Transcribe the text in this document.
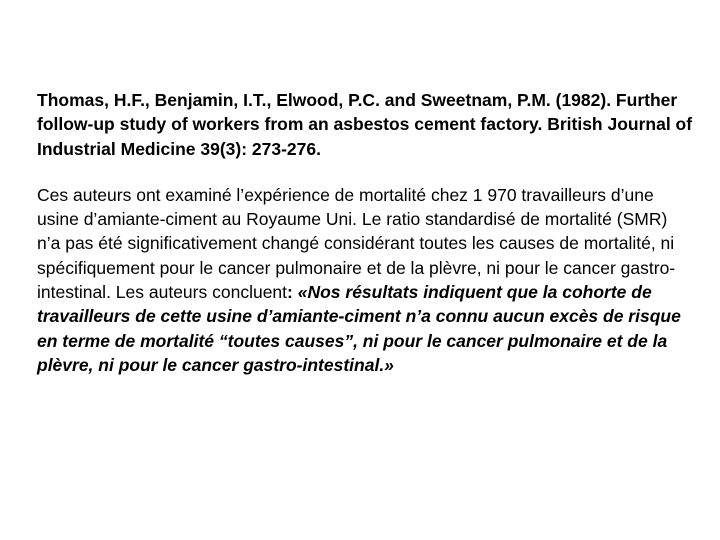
Thomas, H.F., Benjamin, I.T., Elwood, P.C. and Sweetnam, P.M. (1982). Further follow-up study of workers from an asbestos cement factory. British Journal of Industrial Medicine 39(3): 273-276.

Ces auteurs ont examiné l’expérience de mortalité chez 1 970 travailleurs d’une usine d’amiante-ciment au Royaume Uni. Le ratio standardisé de mortalité (SMR) n’a pas été significativement changé considérant toutes les causes de mortalité, ni spécifiquement pour le cancer pulmonaire et de la plèvre, ni pour le cancer gastro-intestinal. Les auteurs concluent: «Nos résultats indiquent que la cohorte de travailleurs de cette usine d’amiante-ciment n’a connu aucun excès de risque en terme de mortalité “toutes causes”, ni pour le cancer pulmonaire et de la plèvre, ni pour le cancer gastro-intestinal.»
